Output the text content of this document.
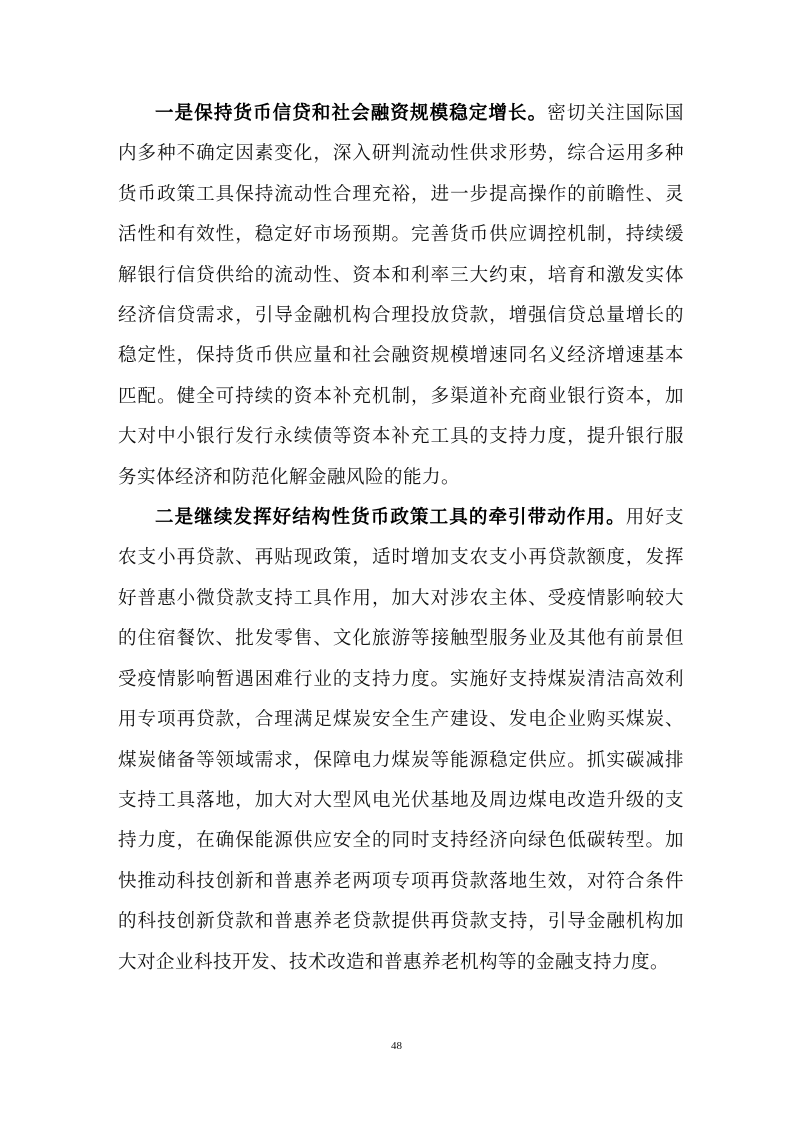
一是保持货币信贷和社会融资规模稳定增长。密切关注国际国内多种不确定因素变化，深入研判流动性供求形势，综合运用多种货币政策工具保持流动性合理充裕，进一步提高操作的前瞻性、灵活性和有效性，稳定好市场预期。完善货币供应调控机制，持续缓解银行信贷供给的流动性、资本和利率三大约束，培育和激发实体经济信贷需求，引导金融机构合理投放贷款，增强信贷总量增长的稳定性，保持货币供应量和社会融资规模增速同名义经济增速基本匹配。健全可持续的资本补充机制，多渠道补充商业银行资本，加大对中小银行发行永续债等资本补充工具的支持力度，提升银行服务实体经济和防范化解金融风险的能力。

二是继续发挥好结构性货币政策工具的牵引带动作用。用好支农支小再贷款、再贴现政策，适时增加支农支小再贷款额度，发挥好普惠小微贷款支持工具作用，加大对涉农主体、受疫情影响较大的住宿餐饮、批发零售、文化旅游等接触型服务业及其他有前景但受疫情影响暂遇困难行业的支持力度。实施好支持煤炭清洁高效利用专项再贷款，合理满足煤炭安全生产建设、发电企业购买煤炭、煤炭储备等领域需求，保障电力煤炭等能源稳定供应。抓实碳减排支持工具落地，加大对大型风电光伏基地及周边煤电改造升级的支持力度，在确保能源供应安全的同时支持经济向绿色低碳转型。加快推动科技创新和普惠养老两项专项再贷款落地生效，对符合条件的科技创新贷款和普惠养老贷款提供再贷款支持，引导金融机构加大对企业科技开发、技术改造和普惠养老机构等的金融支持力度。

48
